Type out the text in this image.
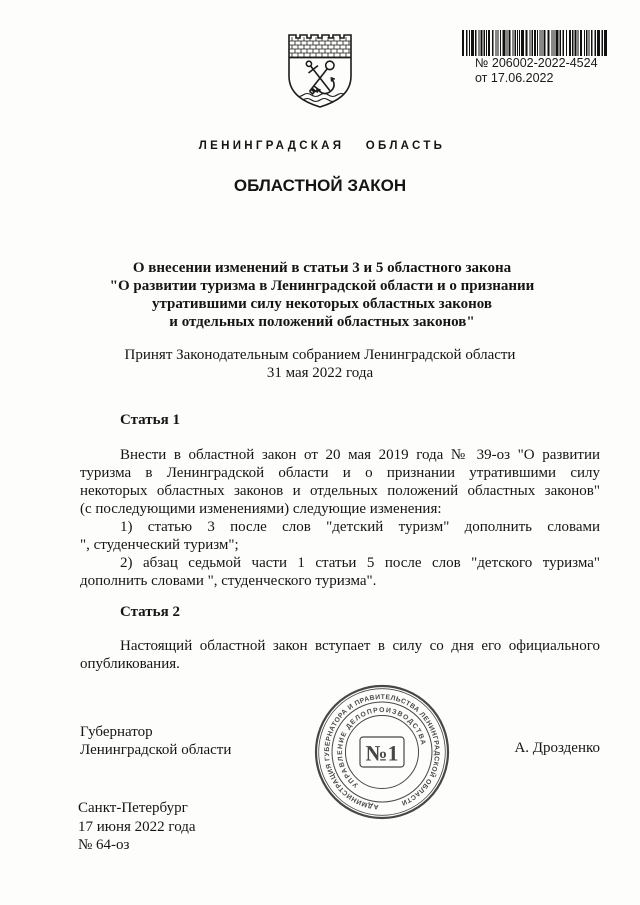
№ 206002-2022-4524
от 17.06.2022
ЛЕНИНГРАДСКАЯ ОБЛАСТЬ
ОБЛАСТНОЙ ЗАКОН
О внесении изменений в статьи 3 и 5 областного закона
"О развитии туризма в Ленинградской области и о признании
утратившими силу некоторых областных законов
и отдельных положений областных законов"
Принят Законодательным собранием Ленинградской области
31 мая 2022 года
Статья 1
Внести в областной закон от 20 мая 2019 года № 39-оз "О развитии
туризма в Ленинградской области и о признании утратившими силу
некоторых областных законов и отдельных положений областных законов"
(с последующими изменениями) следующие изменения:
1) статью 3 после слов "детский туризм" дополнить словами
", студенческий туризм";
2) абзац седьмой части 1 статьи 5 после слов "детского туризма"
дополнить словами ", студенческого туризма".
Статья 2
Настоящий областной закон вступает в силу со дня его официального
опубликования.
Губернатор
Ленинградской области	А. Дрозденко
АДМИНИСТРАЦИЯ ГУБЕРНАТОРА И ПРАВИТЕЛЬСТВА ЛЕНИНГРАДСКОЙ ОБЛАСТИ
УПРАВЛЕНИЕ ДЕЛОПРОИЗВОДСТВА
№1
Санкт-Петербург
17 июня 2022 года
№ 64-оз
